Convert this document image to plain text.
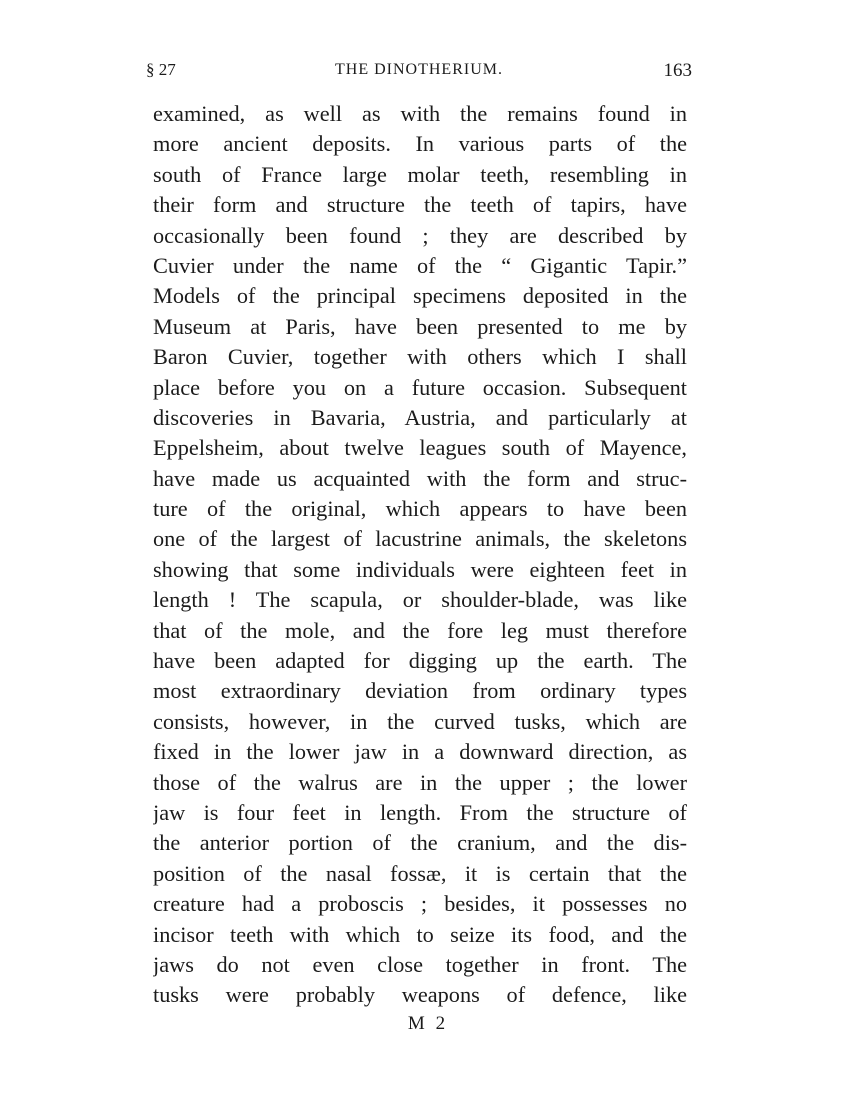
§ 27	THE DINOTHERIUM.	163
examined, as well as with the remains found in
more ancient deposits. In various parts of the
south of France large molar teeth, resembling in
their form and structure the teeth of tapirs, have
occasionally been found ; they are described by
Cuvier under the name of the “ Gigantic Tapir.”
Models of the principal specimens deposited in the
Museum at Paris, have been presented to me by
Baron Cuvier, together with others which I shall
place before you on a future occasion. Subsequent
discoveries in Bavaria, Austria, and particularly at
Eppelsheim, about twelve leagues south of Mayence,
have made us acquainted with the form and struc-
ture of the original, which appears to have been
one of the largest of lacustrine animals, the skeletons
showing that some individuals were eighteen feet in
length ! The scapula, or shoulder-blade, was like
that of the mole, and the fore leg must therefore
have been adapted for digging up the earth. The
most extraordinary deviation from ordinary types
consists, however, in the curved tusks, which are
fixed in the lower jaw in a downward direction, as
those of the walrus are in the upper ; the lower
jaw is four feet in length. From the structure of
the anterior portion of the cranium, and the dis-
position of the nasal fossæ, it is certain that the
creature had a proboscis ; besides, it possesses no
incisor teeth with which to seize its food, and the
jaws do not even close together in front. The
tusks were probably weapons of defence, like
M 2
